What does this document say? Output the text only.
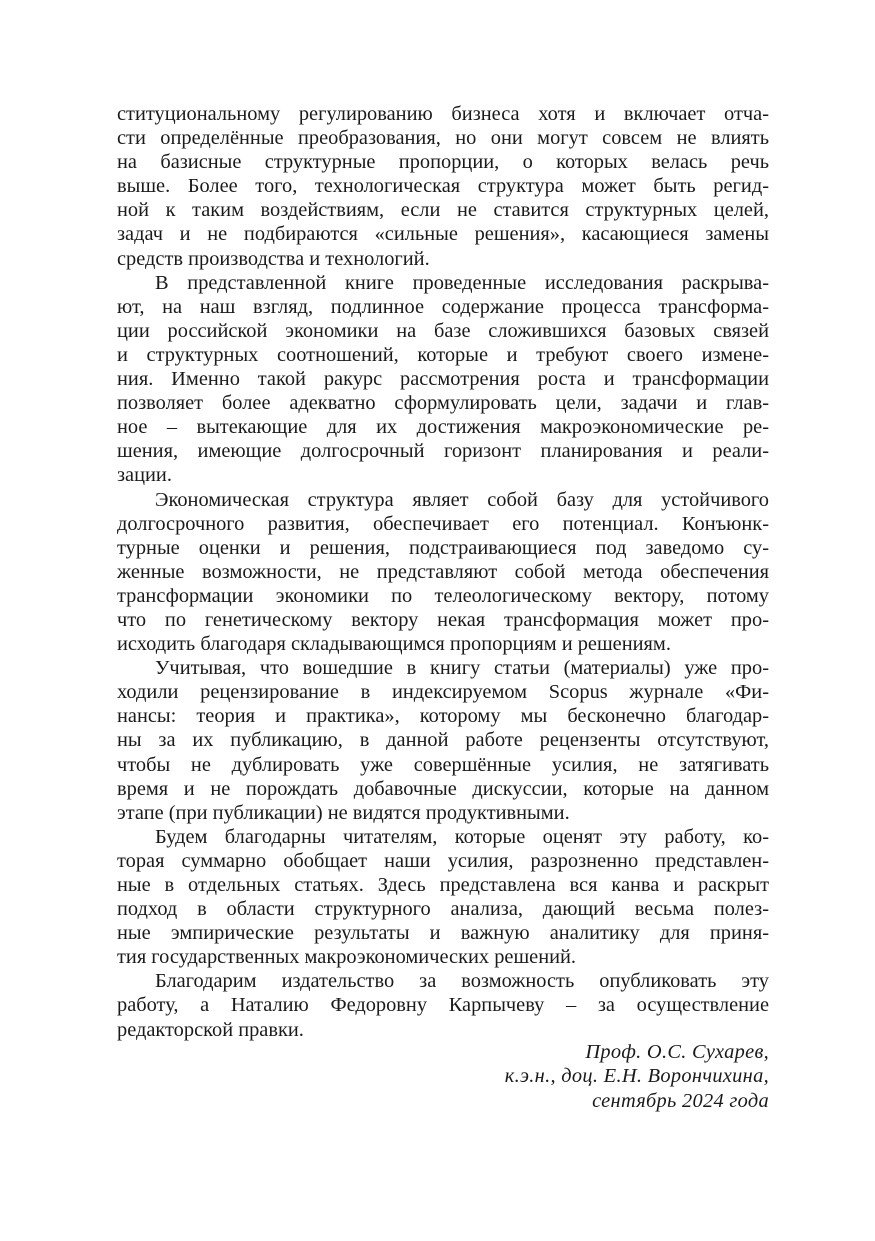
ституциональному регулированию бизнеса хотя и включает отча-
сти определённые преобразования, но они могут совсем не влиять
на базисные структурные пропорции, о которых велась речь
выше. Более того, технологическая структура может быть регид-
ной к таким воздействиям, если не ставится структурных целей,
задач и не подбираются «сильные решения», касающиеся замены
средств производства и технологий.

В представленной книге проведенные исследования раскрыва-
ют, на наш взгляд, подлинное содержание процесса трансформа-
ции российской экономики на базе сложившихся базовых связей
и структурных соотношений, которые и требуют своего измене-
ния. Именно такой ракурс рассмотрения роста и трансформации
позволяет более адекватно сформулировать цели, задачи и глав-
ное – вытекающие для их достижения макроэкономические ре-
шения, имеющие долгосрочный горизонт планирования и реали-
зации.

Экономическая структура являет собой базу для устойчивого
долгосрочного развития, обеспечивает его потенциал. Конъюнк-
турные оценки и решения, подстраивающиеся под заведомо су-
женные возможности, не представляют собой метода обеспечения
трансформации экономики по телеологическому вектору, потому
что по генетическому вектору некая трансформация может про-
исходить благодаря складывающимся пропорциям и решениям.

Учитывая, что вошедшие в книгу статьи (материалы) уже про-
ходили рецензирование в индексируемом Scopus журнале «Фи-
нансы: теория и практика», которому мы бесконечно благодар-
ны за их публикацию, в данной работе рецензенты отсутствуют,
чтобы не дублировать уже совершённые усилия, не затягивать
время и не порождать добавочные дискуссии, которые на данном
этапе (при публикации) не видятся продуктивными.

Будем благодарны читателям, которые оценят эту работу, ко-
торая суммарно обобщает наши усилия, разрозненно представлен-
ные в отдельных статьях. Здесь представлена вся канва и раскрыт
подход в области структурного анализа, дающий весьма полез-
ные эмпирические результаты и важную аналитику для приня-
тия государственных макроэкономических решений.

Благодарим издательство за возможность опубликовать эту
работу, а Наталию Федоровну Карпычеву – за осуществление
редакторской правки.

Проф. О.С. Сухарев,
к.э.н., доц. Е.Н. Ворончихина,
сентябрь 2024 года
